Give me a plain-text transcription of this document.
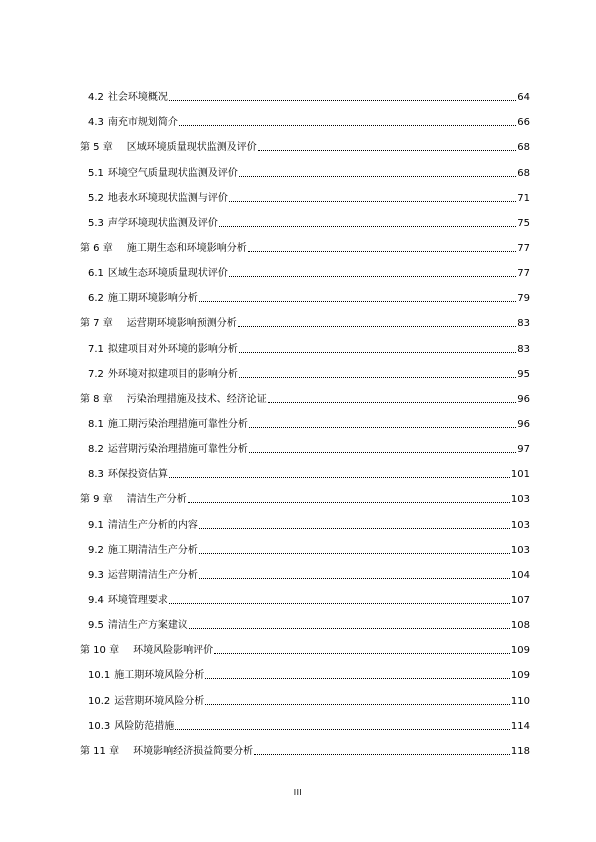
4.2 社会环境概况	64
4.3 南充市规划简介	66
第 5 章 区域环境质量现状监测及评价	68
5.1 环境空气质量现状监测及评价	68
5.2 地表水环境现状监测与评价	71
5.3 声学环境现状监测及评价	75
第 6 章 施工期生态和环境影响分析	77
6.1 区域生态环境质量现状评价	77
6.2 施工期环境影响分析	79
第 7 章 运营期环境影响预测分析	83
7.1 拟建项目对外环境的影响分析	83
7.2 外环境对拟建项目的影响分析	95
第 8 章 污染治理措施及技术、经济论证	96
8.1 施工期污染治理措施可靠性分析	96
8.2 运营期污染治理措施可靠性分析	97
8.3 环保投资估算	101
第 9 章 清洁生产分析	103
9.1 清洁生产分析的内容	103
9.2 施工期清洁生产分析	103
9.3 运营期清洁生产分析	104
9.4 环境管理要求	107
9.5 清洁生产方案建议	108
第 10 章 环境风险影响评价	109
10.1 施工期环境风险分析	109
10.2 运营期环境风险分析	110
10.3 风险防范措施	114
第 11 章 环境影响经济损益简要分析	118
III
